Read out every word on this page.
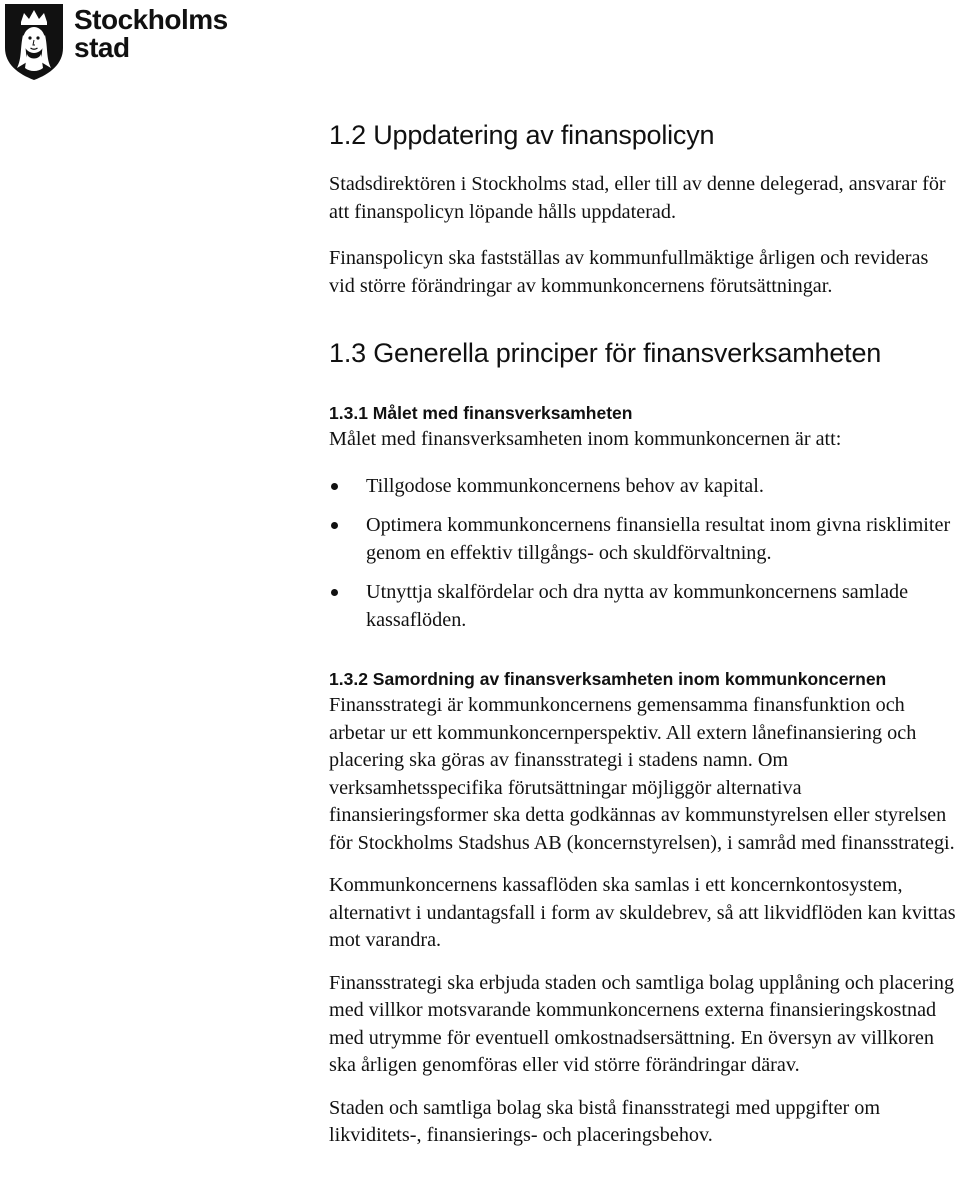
Stockholms
stad
1.2 Uppdatering av finanspolicyn

Stadsdirektören i Stockholms stad, eller till av denne delegerad, ansvarar för att finanspolicyn löpande hålls uppdaterad.

Finanspolicyn ska fastställas av kommunfullmäktige årligen och revideras vid större förändringar av kommunkoncernens förutsättningar.

1.3 Generella principer för finansverksamheten
1.3.1 Målet med finansverksamheten

Målet med finansverksamheten inom kommunkoncernen är att:

Tillgodose kommunkoncernens behov av kapital.
Optimera kommunkoncernens finansiella resultat inom givna risklimiter genom en effektiv tillgångs- och skuldförvaltning.
Utnyttja skalfördelar och dra nytta av kommunkoncernens samlade kassaflöden.
1.3.2 Samordning av finansverksamheten inom kommunkoncernen

Finansstrategi är kommunkoncernens gemensamma finansfunktion och arbetar ur ett kommunkoncernperspektiv. All extern lånefinansiering och placering ska göras av finansstrategi i stadens namn. Om verksamhetsspecifika förutsättningar möjliggör alternativa finansieringsformer ska detta godkännas av kommunstyrelsen eller styrelsen för Stockholms Stadshus AB (koncernstyrelsen), i samråd med finansstrategi.

Kommunkoncernens kassaflöden ska samlas i ett koncernkontosystem, alternativt i undantagsfall i form av skuldebrev, så att likvidflöden kan kvittas mot varandra.

Finansstrategi ska erbjuda staden och samtliga bolag upplåning och placering med villkor motsvarande kommunkoncernens externa finansieringskostnad med utrymme för eventuell omkostnadsersättning. En översyn av villkoren ska årligen genomföras eller vid större förändringar därav.

Staden och samtliga bolag ska bistå finansstrategi med uppgifter om likviditets-, finansierings- och placeringsbehov.
